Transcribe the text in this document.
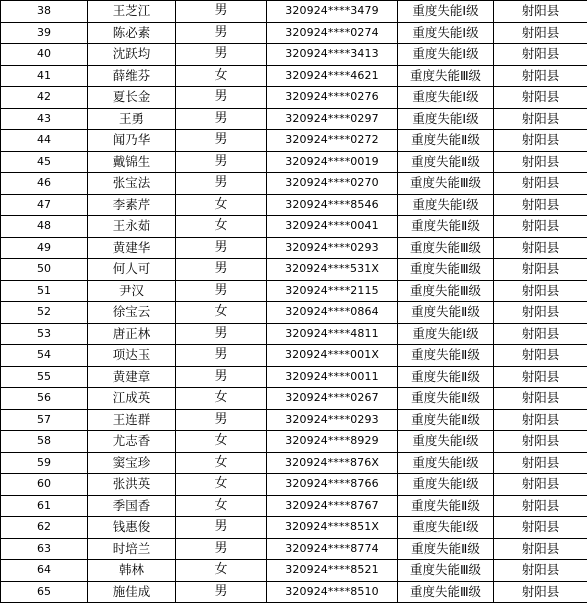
38	王芝江	男	320924****3479	重度失能Ⅰ级	射阳县
39	陈必素	男	320924****0274	重度失能Ⅰ级	射阳县
40	沈跃均	男	320924****3413	重度失能Ⅰ级	射阳县
41	薛维芬	女	320924****4621	重度失能Ⅲ级	射阳县
42	夏长金	男	320924****0276	重度失能Ⅰ级	射阳县
43	王勇	男	320924****0297	重度失能Ⅰ级	射阳县
44	闻乃华	男	320924****0272	重度失能Ⅱ级	射阳县
45	戴锦生	男	320924****0019	重度失能Ⅱ级	射阳县
46	张宝法	男	320924****0270	重度失能Ⅲ级	射阳县
47	李素芹	女	320924****8546	重度失能Ⅰ级	射阳县
48	王永茹	女	320924****0041	重度失能Ⅱ级	射阳县
49	黄建华	男	320924****0293	重度失能Ⅲ级	射阳县
50	何人可	男	320924****531X	重度失能Ⅲ级	射阳县
51	尹汉	男	320924****2115	重度失能Ⅲ级	射阳县
52	徐宝云	女	320924****0864	重度失能Ⅱ级	射阳县
53	唐正林	男	320924****4811	重度失能Ⅰ级	射阳县
54	项达玉	男	320924****001X	重度失能Ⅱ级	射阳县
55	黄建章	男	320924****0011	重度失能Ⅱ级	射阳县
56	江成英	女	320924****0267	重度失能Ⅱ级	射阳县
57	王连群	男	320924****0293	重度失能Ⅱ级	射阳县
58	尤志香	女	320924****8929	重度失能Ⅰ级	射阳县
59	窦宝珍	女	320924****876X	重度失能Ⅰ级	射阳县
60	张洪英	女	320924****8766	重度失能Ⅰ级	射阳县
61	季国香	女	320924****8767	重度失能Ⅱ级	射阳县
62	钱惠俊	男	320924****851X	重度失能Ⅰ级	射阳县
63	时培兰	男	320924****8774	重度失能Ⅱ级	射阳县
64	韩林	女	320924****8521	重度失能Ⅲ级	射阳县
65	施佳成	男	320924****8510	重度失能Ⅲ级	射阳县
